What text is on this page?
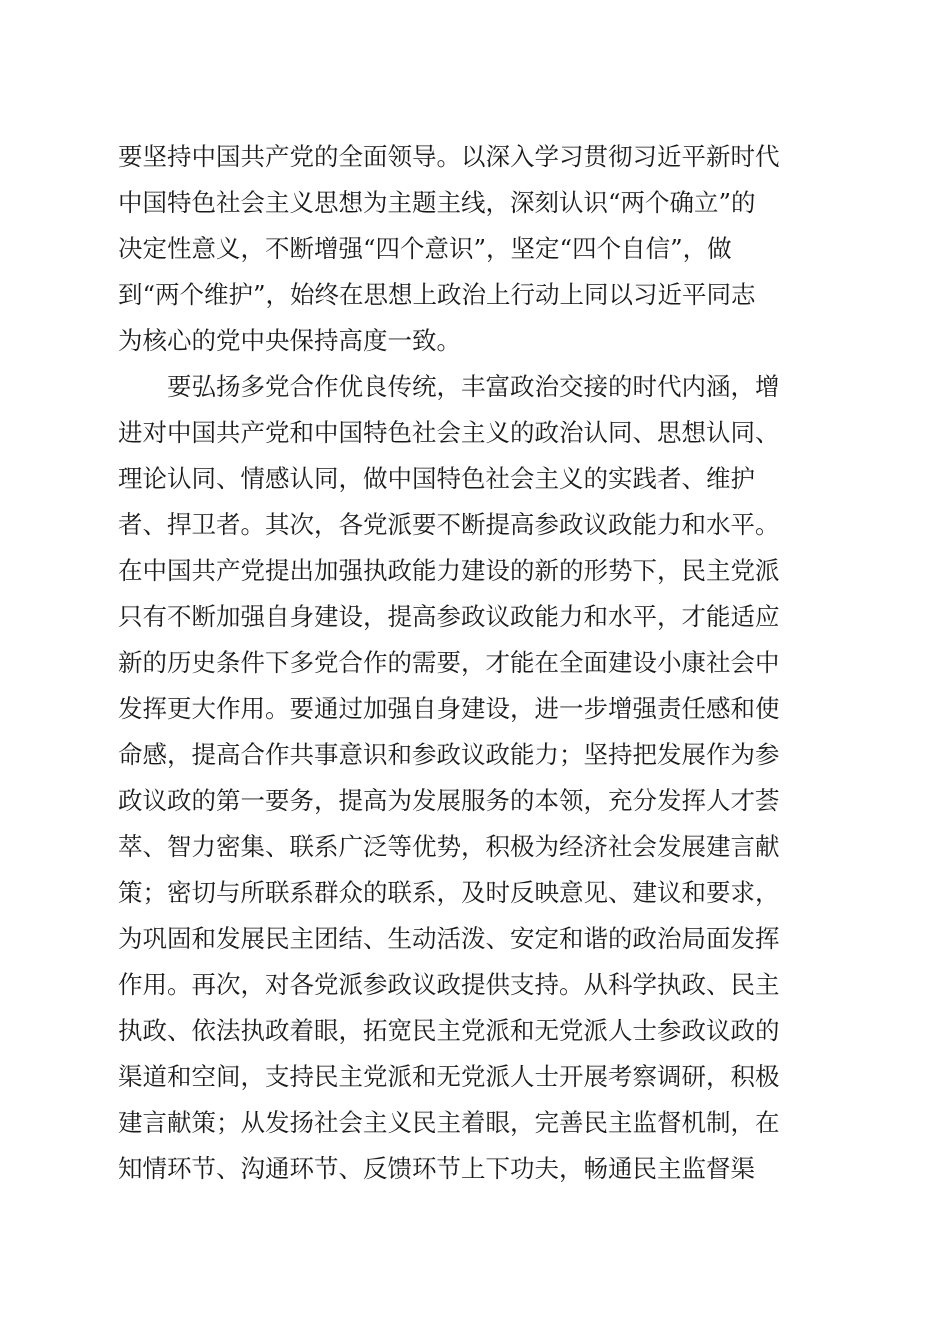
要坚持中国共产党的全面领导。以深入学习贯彻习近平新时代
中国特色社会主义思想为主题主线，深刻认识“两个确立”的
决定性意义，不断增强“四个意识”，坚定“四个自信”，做
到“两个维护”，始终在思想上政治上行动上同以习近平同志
为核心的党中央保持高度一致。
要弘扬多党合作优良传统，丰富政治交接的时代内涵，增
进对中国共产党和中国特色社会主义的政治认同、思想认同、
理论认同、情感认同，做中国特色社会主义的实践者、维护
者、捍卫者。其次，各党派要不断提高参政议政能力和水平。
在中国共产党提出加强执政能力建设的新的形势下，民主党派
只有不断加强自身建设，提高参政议政能力和水平，才能适应
新的历史条件下多党合作的需要，才能在全面建设小康社会中
发挥更大作用。要通过加强自身建设，进一步增强责任感和使
命感，提高合作共事意识和参政议政能力；坚持把发展作为参
政议政的第一要务，提高为发展服务的本领，充分发挥人才荟
萃、智力密集、联系广泛等优势，积极为经济社会发展建言献
策；密切与所联系群众的联系，及时反映意见、建议和要求，
为巩固和发展民主团结、生动活泼、安定和谐的政治局面发挥
作用。再次，对各党派参政议政提供支持。从科学执政、民主
执政、依法执政着眼，拓宽民主党派和无党派人士参政议政的
渠道和空间，支持民主党派和无党派人士开展考察调研，积极
建言献策；从发扬社会主义民主着眼，完善民主监督机制，在
知情环节、沟通环节、反馈环节上下功夫，畅通民主监督渠
